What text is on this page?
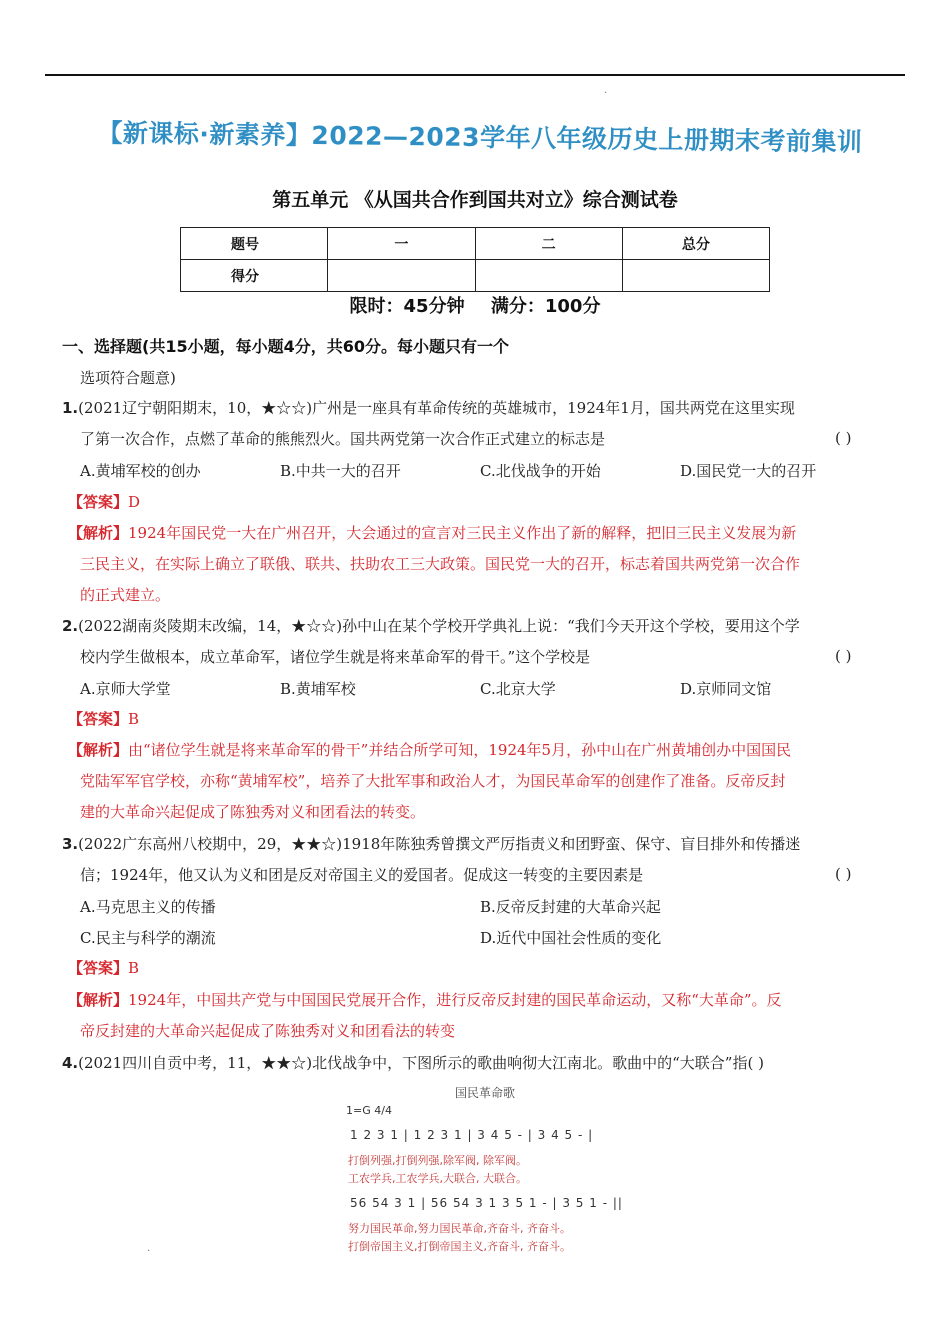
·
【新课标·新素养】2022—2023学年八年级历史上册期末考前集训
第五单元 《从国共合作到国共对立》综合测试卷
题号	一	二	总分
得分			
限时：45分钟 满分：100分
一、选择题(共15小题，每小题4分，共60分。每小题只有一个
选项符合题意)
1.(2021辽宁朝阳期末，10，★☆☆)广州是一座具有革命传统的英雄城市，1924年1月，国共两党在这里实现
了第一次合作，点燃了革命的熊熊烈火。国共两党第一次合作正式建立的标志是	( )
A.黄埔军校的创办	B.中共一大的召开	C.北伐战争的开始	D.国民党一大的召开
【答案】D
【解析】1924年国民党一大在广州召开，大会通过的宣言对三民主义作出了新的解释，把旧三民主义发展为新
三民主义，在实际上确立了联俄、联共、扶助农工三大政策。国民党一大的召开，标志着国共两党第一次合作
的正式建立。
2.(2022湖南炎陵期末改编，14，★☆☆)孙中山在某个学校开学典礼上说：“我们今天开这个学校，要用这个学
校内学生做根本，成立革命军，诸位学生就是将来革命军的骨干。”这个学校是	( )
A.京师大学堂	B.黄埔军校	C.北京大学	D.京师同文馆
【答案】B
【解析】由“诸位学生就是将来革命军的骨干”并结合所学可知，1924年5月，孙中山在广州黄埔创办中国国民
党陆军军官学校，亦称“黄埔军校”，培养了大批军事和政治人才，为国民革命军的创建作了准备。反帝反封
建的大革命兴起促成了陈独秀对义和团看法的转变。
3.(2022广东高州八校期中，29，★★☆)1918年陈独秀曾撰文严厉指责义和团野蛮、保守、盲目排外和传播迷
信；1924年，他又认为义和团是反对帝国主义的爱国者。促成这一转变的主要因素是	( )
A.马克思主义的传播	B.反帝反封建的大革命兴起
C.民主与科学的潮流	D.近代中国社会性质的变化
【答案】B
【解析】1924年，中国共产党与中国国民党展开合作，进行反帝反封建的国民革命运动，又称“大革命”。反
帝反封建的大革命兴起促成了陈独秀对义和团看法的转变
4.(2021四川自贡中考，11，★★☆)北伐战争中，下图所示的歌曲响彻大江南北。歌曲中的“大联合”指( )
国民革命歌
1=G 4/4
1 2 3 1 | 1 2 3 1 | 3 4 5 - | 3 4 5 - |
打倒列强,打倒列强,除军阀, 除军阀。
工农学兵,工农学兵,大联合, 大联合。
56 54 3 1 | 56 54 3 1 3 5 1 - | 3 5 1 - ||
努力国民革命,努力国民革命,齐奋斗, 齐奋斗。
打倒帝国主义,打倒帝国主义,齐奋斗, 齐奋斗。
·
